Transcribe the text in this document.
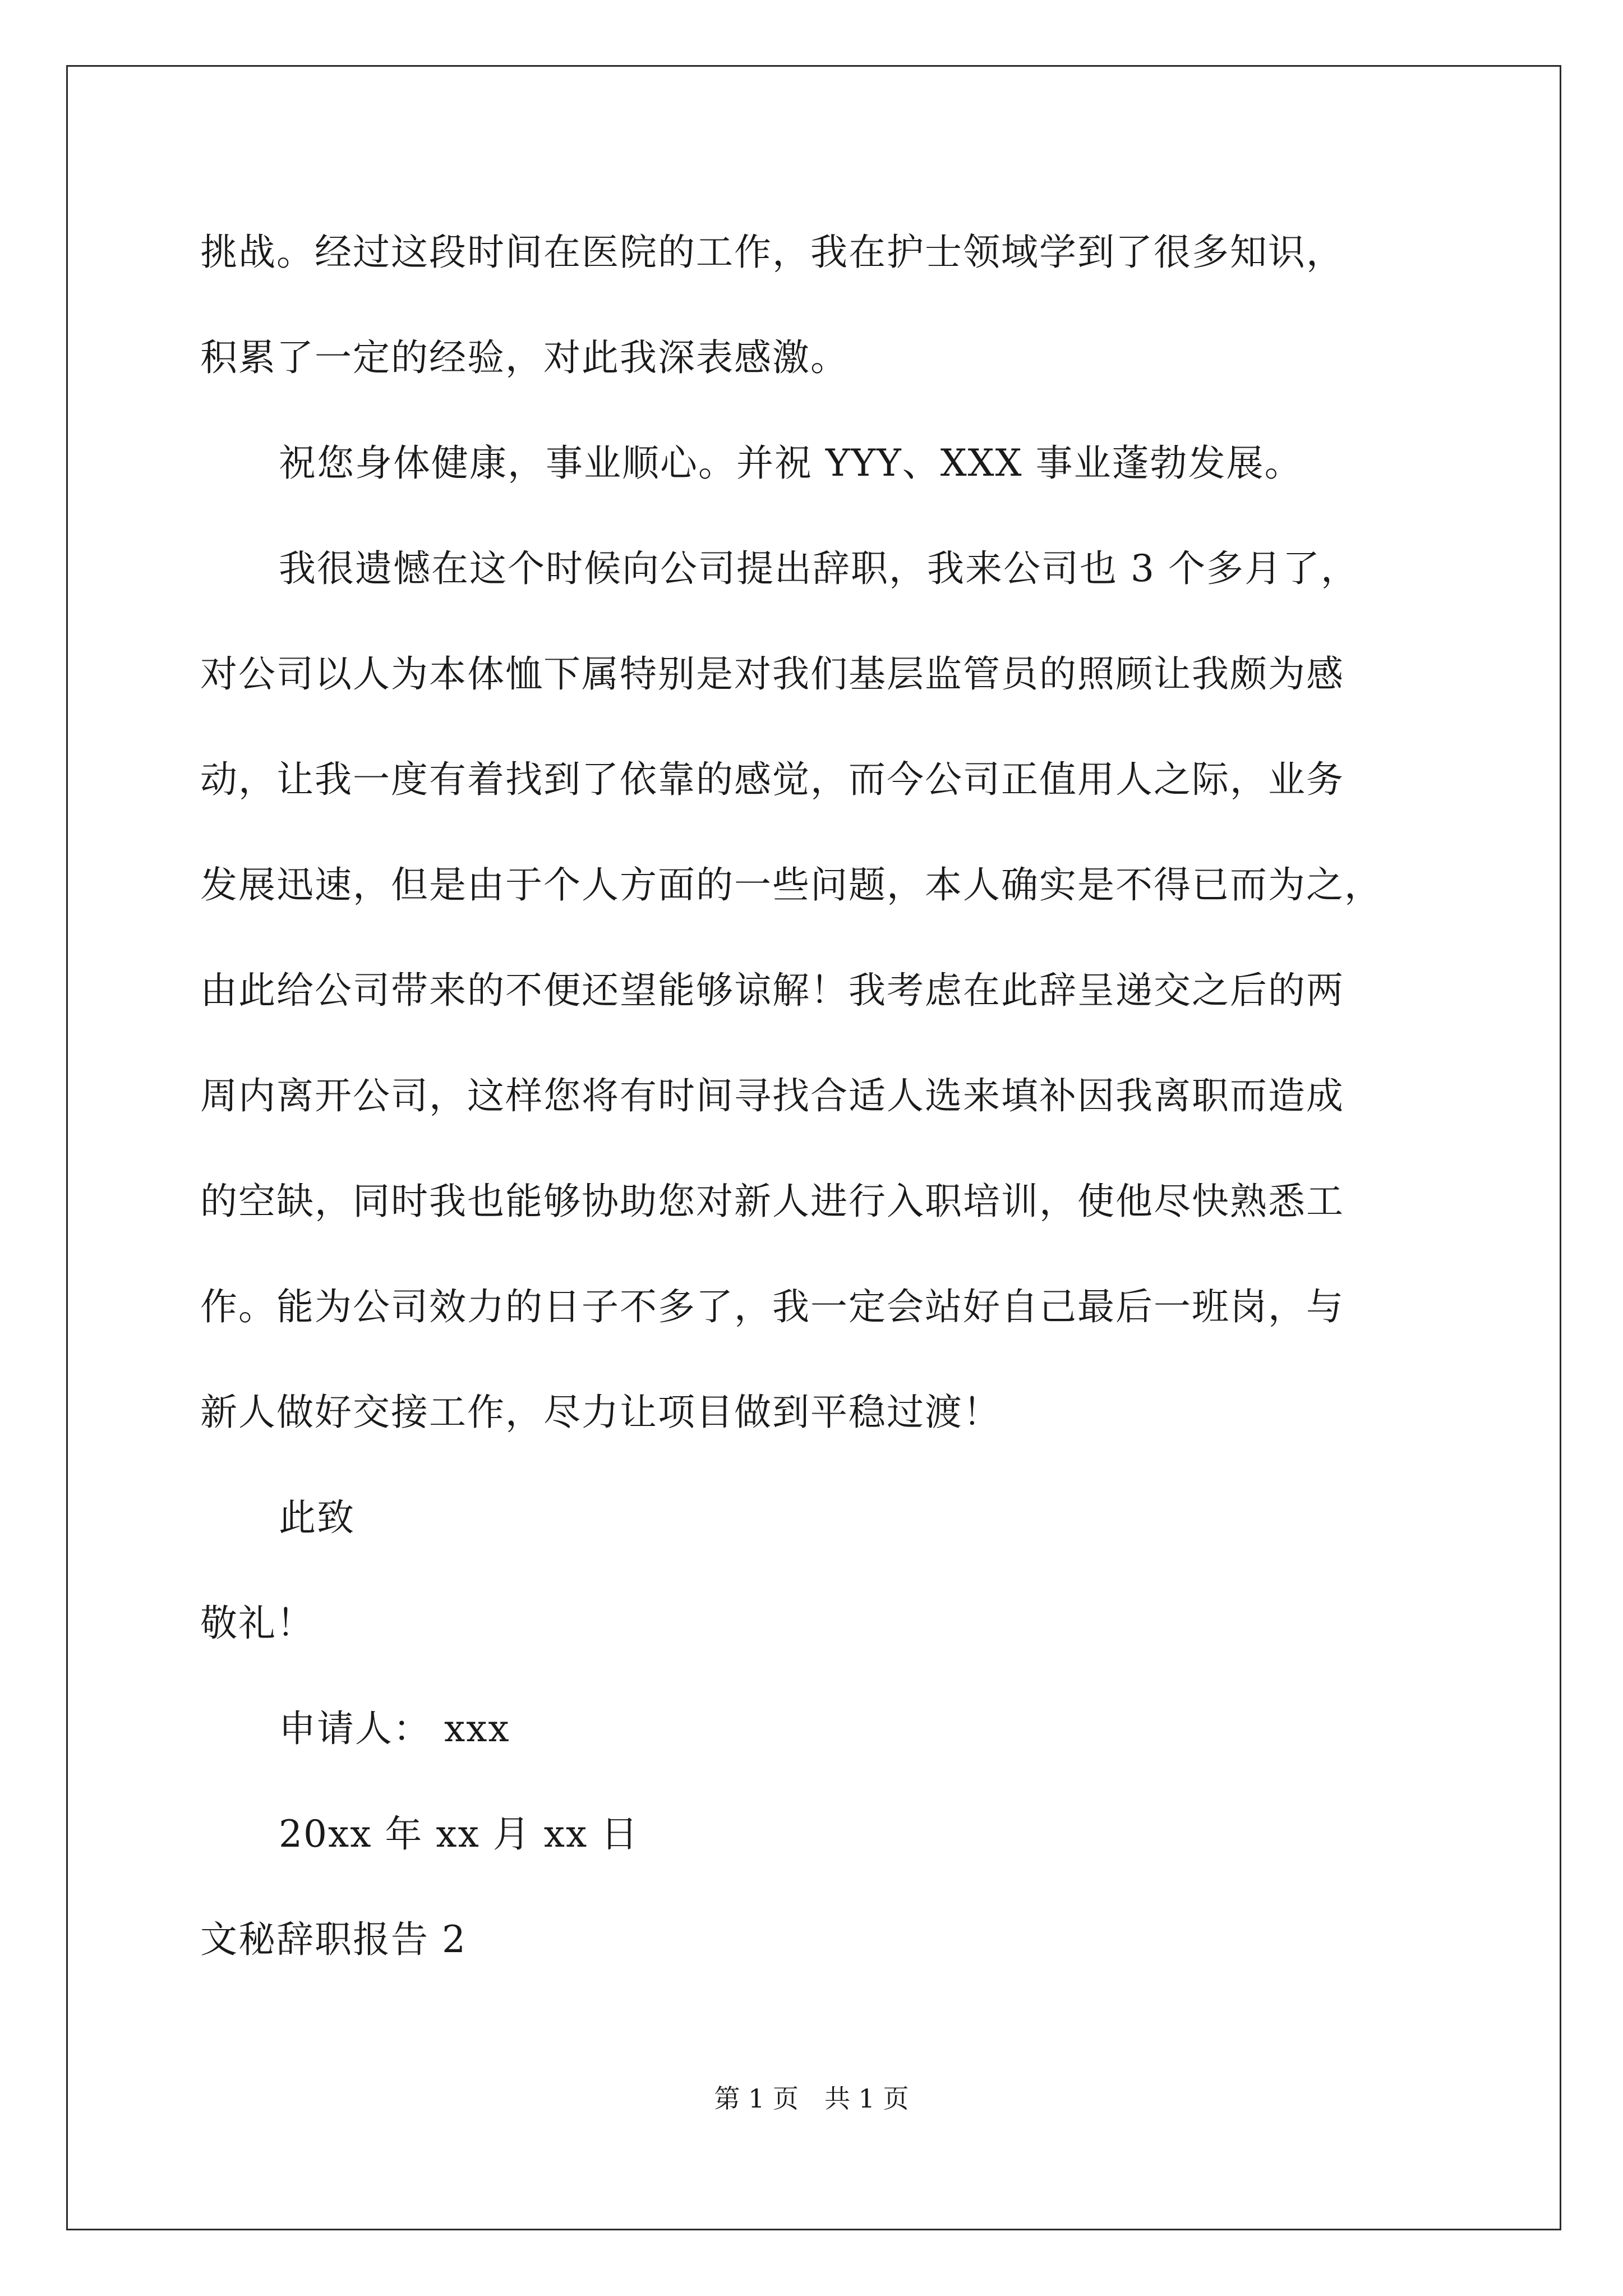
挑战。经过这段时间在医院的工作，我在护士领域学到了很多知识，
积累了一定的经验，对此我深表感激。
祝您身体健康，事业顺心。并祝 YYY、XXX 事业蓬勃发展。
我很遗憾在这个时候向公司提出辞职，我来公司也 3 个多月了，
对公司以人为本体恤下属特别是对我们基层监管员的照顾让我颇为感
动，让我一度有着找到了依靠的感觉，而今公司正值用人之际，业务
发展迅速，但是由于个人方面的一些问题，本人确实是不得已而为之，
由此给公司带来的不便还望能够谅解！我考虑在此辞呈递交之后的两
周内离开公司，这样您将有时间寻找合适人选来填补因我离职而造成
的空缺，同时我也能够协助您对新人进行入职培训，使他尽快熟悉工
作。能为公司效力的日子不多了，我一定会站好自己最后一班岗，与
新人做好交接工作，尽力让项目做到平稳过渡！
此致
敬礼！
申请人： xxx
20xx 年 xx 月 xx 日
文秘辞职报告 2
第 1 页　共 1 页
